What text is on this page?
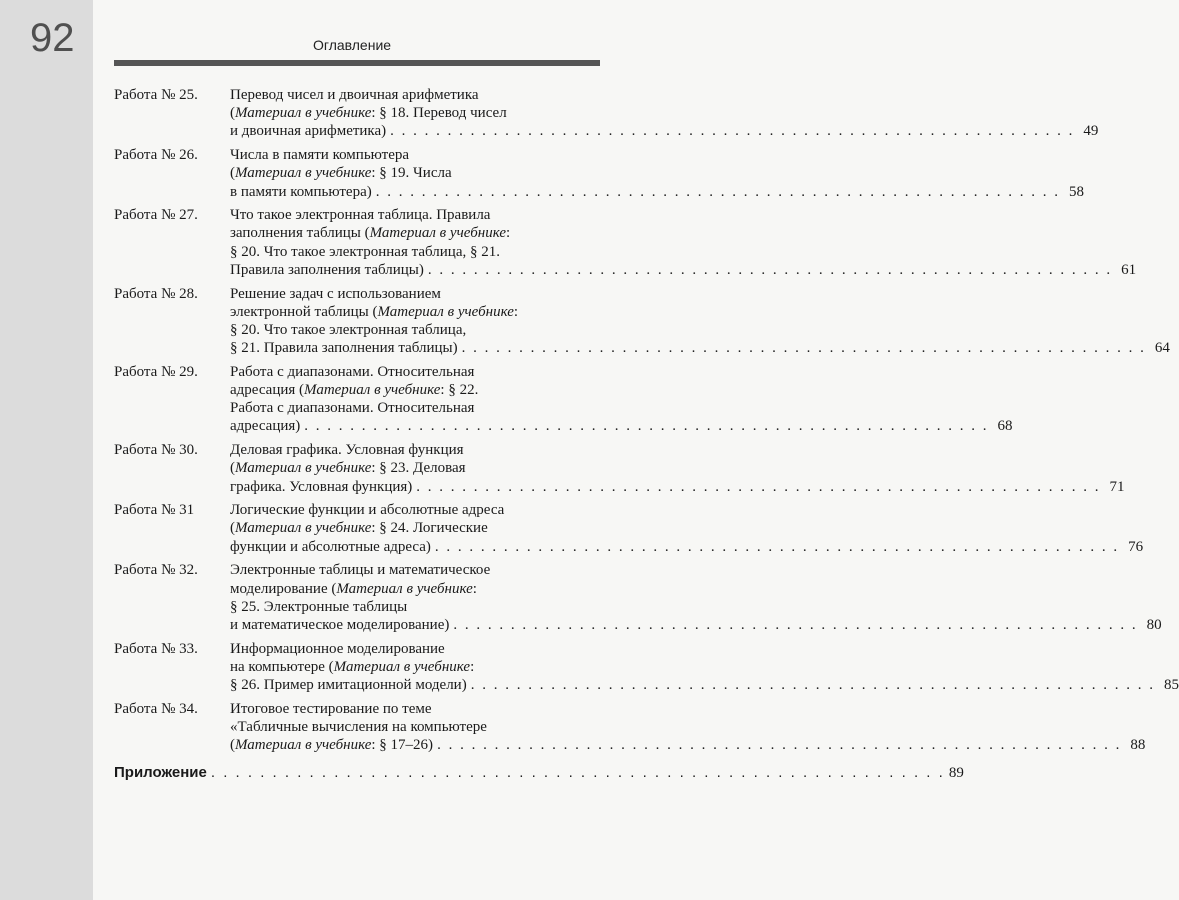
92	Оглавление
Работа № 25.	Перевод чисел и двоичная арифметика
(Материал в учебнике: § 18. Перевод чисел
и двоичная арифметика) . . . . . . . . . . . . . . . . . . . . . . . . . . . . . . . . . . . . . . . . . . . . . . . . . . . . . . . . . . . . 49
Работа № 26.	Числа в памяти компьютера
(Материал в учебнике: § 19. Числа
в памяти компьютера) . . . . . . . . . . . . . . . . . . . . . . . . . . . . . . . . . . . . . . . . . . . . . . . . . . . . . . . . . . . . 58
Работа № 27.	Что такое электронная таблица. Правила
заполнения таблицы (Материал в учебнике:
§ 20. Что такое электронная таблица, § 21.
Правила заполнения таблицы) . . . . . . . . . . . . . . . . . . . . . . . . . . . . . . . . . . . . . . . . . . . . . . . . . . . . . . . . . . . . 61
Работа № 28.	Решение задач с использованием
электронной таблицы (Материал в учебнике:
§ 20. Что такое электронная таблица,
§ 21. Правила заполнения таблицы) . . . . . . . . . . . . . . . . . . . . . . . . . . . . . . . . . . . . . . . . . . . . . . . . . . . . . . . . . . . . 64
Работа № 29.	Работа с диапазонами. Относительная
адресация (Материал в учебнике: § 22.
Работа с диапазонами. Относительная
адресация) . . . . . . . . . . . . . . . . . . . . . . . . . . . . . . . . . . . . . . . . . . . . . . . . . . . . . . . . . . . . 68
Работа № 30.	Деловая графика. Условная функция
(Материал в учебнике: § 23. Деловая
графика. Условная функция) . . . . . . . . . . . . . . . . . . . . . . . . . . . . . . . . . . . . . . . . . . . . . . . . . . . . . . . . . . . . 71
Работа № 31	Логические функции и абсолютные адреса
(Материал в учебнике: § 24. Логические
функции и абсолютные адреса) . . . . . . . . . . . . . . . . . . . . . . . . . . . . . . . . . . . . . . . . . . . . . . . . . . . . . . . . . . . . 76
Работа № 32.	Электронные таблицы и математическое
моделирование (Материал в учебнике:
§ 25. Электронные таблицы
и математическое моделирование) . . . . . . . . . . . . . . . . . . . . . . . . . . . . . . . . . . . . . . . . . . . . . . . . . . . . . . . . . . . . 80
Работа № 33.	Информационное моделирование
на компьютере (Материал в учебнике:
§ 26. Пример имитационной модели) . . . . . . . . . . . . . . . . . . . . . . . . . . . . . . . . . . . . . . . . . . . . . . . . . . . . . . . . . . . . 85
Работа № 34.	Итоговое тестирование по теме
«Табличные вычисления на компьютере
(Материал в учебнике: § 17–26) . . . . . . . . . . . . . . . . . . . . . . . . . . . . . . . . . . . . . . . . . . . . . . . . . . . . . . . . . . . . 88
Приложение . . . . . . . . . . . . . . . . . . . . . . . . . . . . . . . . . . . . . . . . . . . . . . . . . . . . . . . . . . . . 89
